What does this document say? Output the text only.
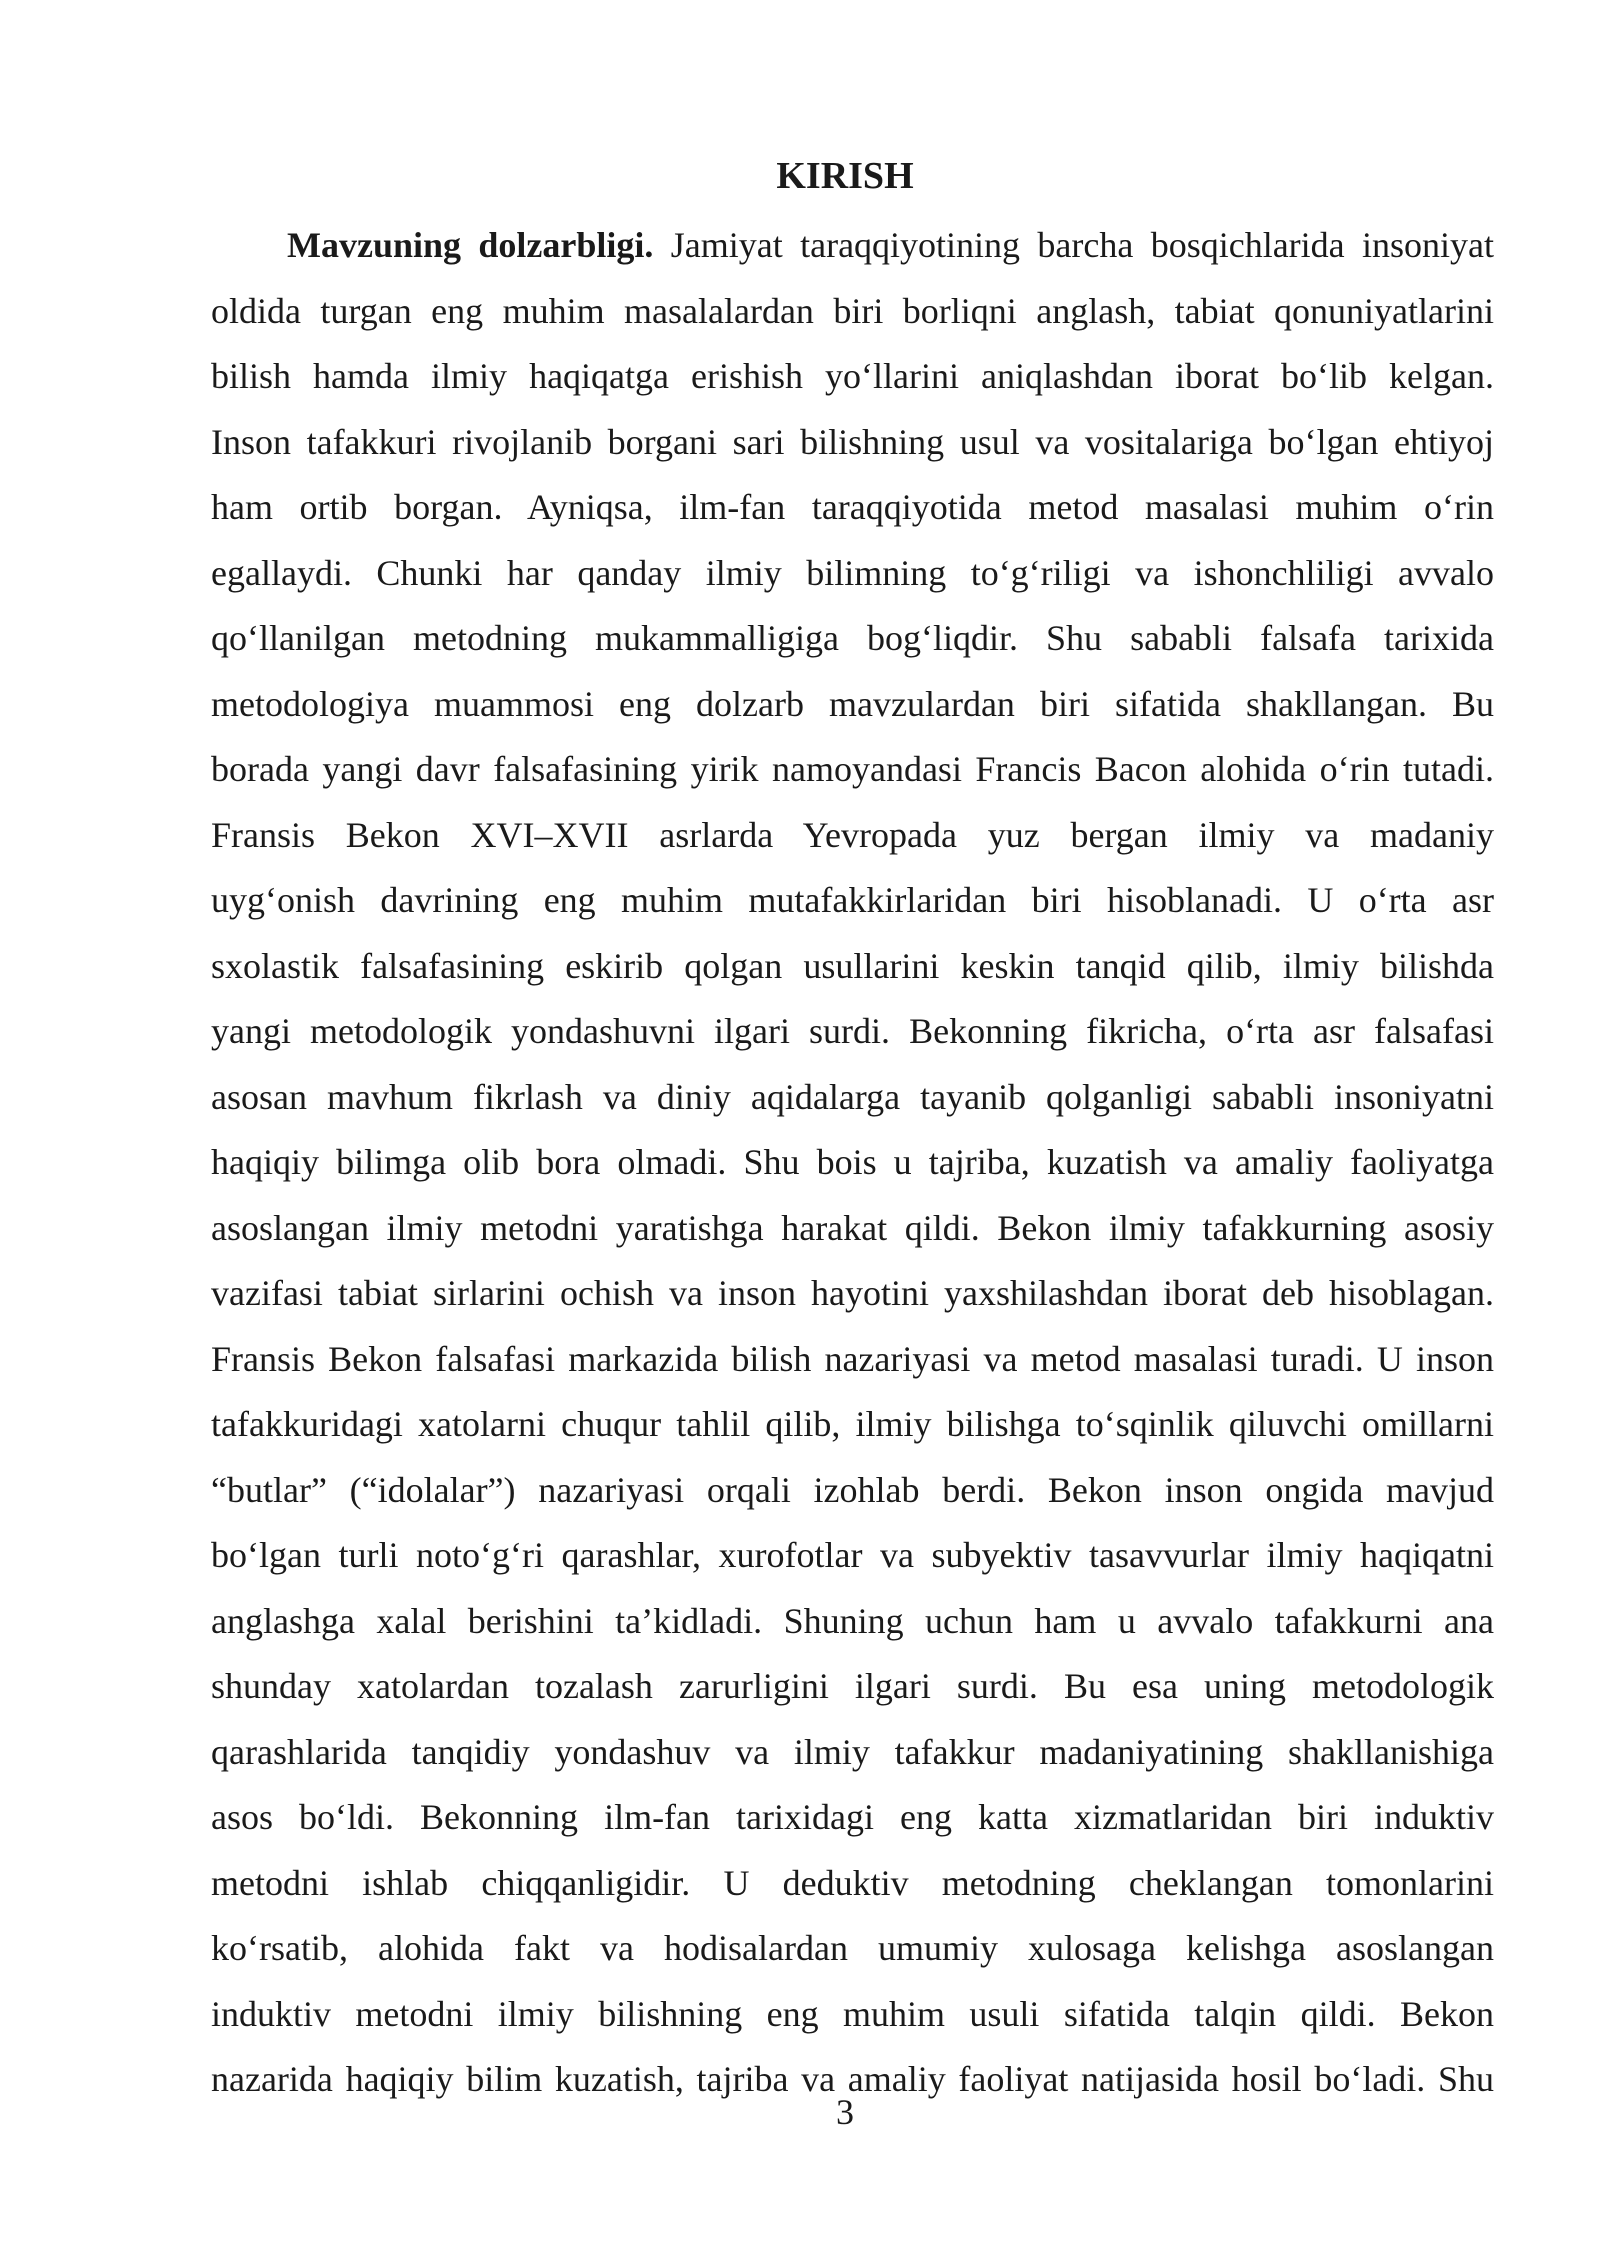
KIRISH
Mavzuning dolzarbligi. Jamiyat taraqqiyotining barcha bosqichlarida insoniyat
oldida turgan eng muhim masalalardan biri borliqni anglash, tabiat qonuniyatlarini
bilish hamda ilmiy haqiqatga erishish yo‘llarini aniqlashdan iborat bo‘lib kelgan.
Inson tafakkuri rivojlanib borgani sari bilishning usul va vositalariga bo‘lgan ehtiyoj
ham ortib borgan. Ayniqsa, ilm-fan taraqqiyotida metod masalasi muhim o‘rin
egallaydi. Chunki har qanday ilmiy bilimning to‘g‘riligi va ishonchliligi avvalo
qo‘llanilgan metodning mukammalligiga bog‘liqdir. Shu sababli falsafa tarixida
metodologiya muammosi eng dolzarb mavzulardan biri sifatida shakllangan. Bu
borada yangi davr falsafasining yirik namoyandasi Francis Bacon alohida o‘rin tutadi.
Fransis Bekon XVI–XVII asrlarda Yevropada yuz bergan ilmiy va madaniy
uyg‘onish davrining eng muhim mutafakkirlaridan biri hisoblanadi. U o‘rta asr
sxolastik falsafasining eskirib qolgan usullarini keskin tanqid qilib, ilmiy bilishda
yangi metodologik yondashuvni ilgari surdi. Bekonning fikricha, o‘rta asr falsafasi
asosan mavhum fikrlash va diniy aqidalarga tayanib qolganligi sababli insoniyatni
haqiqiy bilimga olib bora olmadi. Shu bois u tajriba, kuzatish va amaliy faoliyatga
asoslangan ilmiy metodni yaratishga harakat qildi. Bekon ilmiy tafakkurning asosiy
vazifasi tabiat sirlarini ochish va inson hayotini yaxshilashdan iborat deb hisoblagan.
Fransis Bekon falsafasi markazida bilish nazariyasi va metod masalasi turadi. U inson
tafakkuridagi xatolarni chuqur tahlil qilib, ilmiy bilishga to‘sqinlik qiluvchi omillarni
“butlar” (“idolalar”) nazariyasi orqali izohlab berdi. Bekon inson ongida mavjud
bo‘lgan turli noto‘g‘ri qarashlar, xurofotlar va subyektiv tasavvurlar ilmiy haqiqatni
anglashga xalal berishini ta’kidladi. Shuning uchun ham u avvalo tafakkurni ana
shunday xatolardan tozalash zarurligini ilgari surdi. Bu esa uning metodologik
qarashlarida tanqidiy yondashuv va ilmiy tafakkur madaniyatining shakllanishiga
asos bo‘ldi. Bekonning ilm-fan tarixidagi eng katta xizmatlaridan biri induktiv
metodni ishlab chiqqanligidir. U deduktiv metodning cheklangan tomonlarini
ko‘rsatib, alohida fakt va hodisalardan umumiy xulosaga kelishga asoslangan
induktiv metodni ilmiy bilishning eng muhim usuli sifatida talqin qildi. Bekon
nazarida haqiqiy bilim kuzatish, tajriba va amaliy faoliyat natijasida hosil bo‘ladi. Shu
3
